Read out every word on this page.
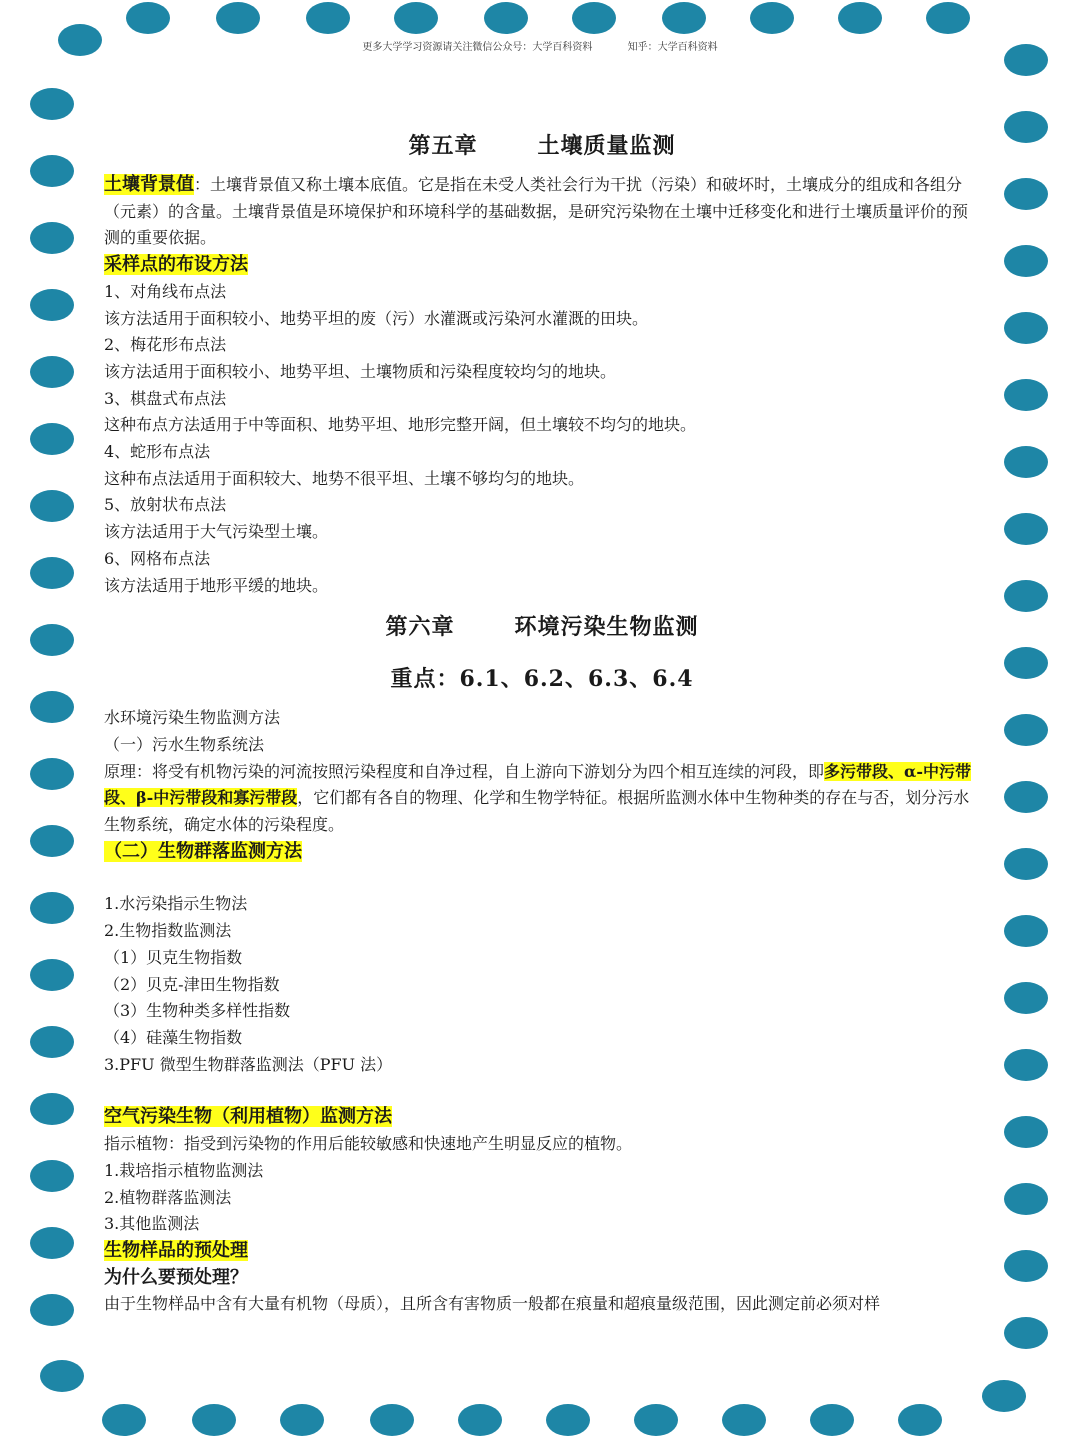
更多大学学习资源请关注微信公众号：大学百科资料	知乎：大学百科资料
第五章	土壤质量监测

土壤背景值：土壤背景值又称土壤本底值。它是指在未受人类社会行为干扰（污染）和破坏时，土壤成分的组成和各组分（元素）的含量。土壤背景值是环境保护和环境科学的基础数据，是研究污染物在土壤中迁移变化和进行土壤质量评价的预测的重要依据。

采样点的布设方法

1、对角线布点法

该方法适用于面积较小、地势平坦的废（污）水灌溉或污染河水灌溉的田块。

2、梅花形布点法

该方法适用于面积较小、地势平坦、土壤物质和污染程度较均匀的地块。

3、棋盘式布点法

这种布点方法适用于中等面积、地势平坦、地形完整开阔，但土壤较不均匀的地块。

4、蛇形布点法

这种布点法适用于面积较大、地势不很平坦、土壤不够均匀的地块。

5、放射状布点法

该方法适用于大气污染型土壤。

6、网格布点法

该方法适用于地形平缓的地块。

第六章	环境污染生物监测
重点：6.1、6.2、6.3、6.4

水环境污染生物监测方法

（一）污水生物系统法

原理：将受有机物污染的河流按照污染程度和自净过程，自上游向下游划分为四个相互连续的河段，即多污带段、α-中污带段、β-中污带段和寡污带段，它们都有各自的物理、化学和生物学特征。根据所监测水体中生物种类的存在与否，划分污水生物系统，确定水体的污染程度。

（二）生物群落监测方法

1.水污染指示生物法

2.生物指数监测法

（1）贝克生物指数

（2）贝克-津田生物指数

（3）生物种类多样性指数

（4）硅藻生物指数

3.PFU 微型生物群落监测法（PFU 法）

空气污染生物（利用植物）监测方法

指示植物：指受到污染物的作用后能较敏感和快速地产生明显反应的植物。

1.栽培指示植物监测法

2.植物群落监测法

3.其他监测法

生物样品的预处理

为什么要预处理？

由于生物样品中含有大量有机物（母质），且所含有害物质一般都在痕量和超痕量级范围，因此测定前必须对样
